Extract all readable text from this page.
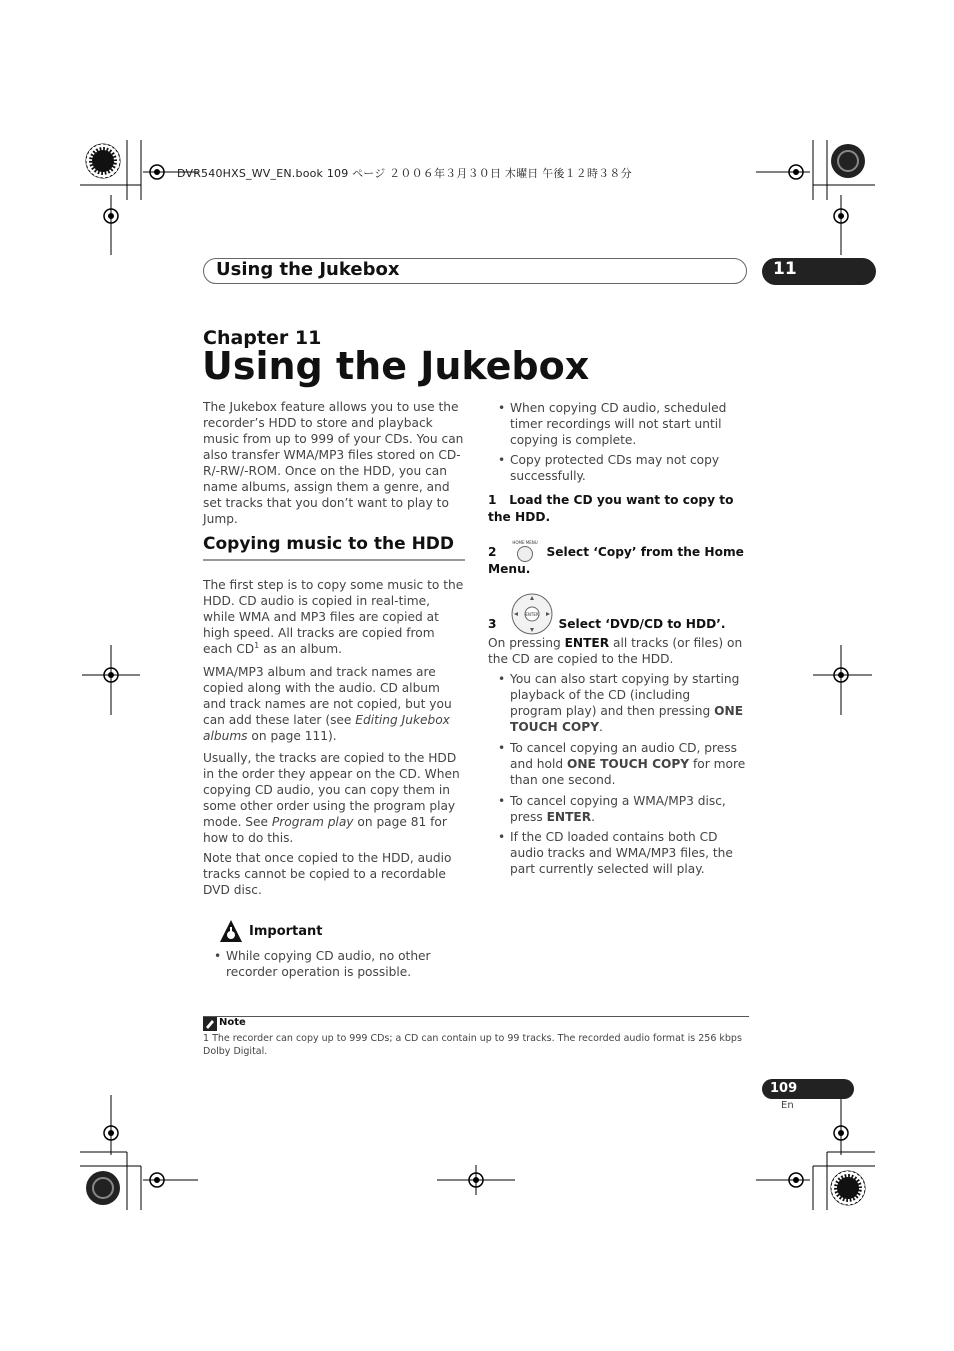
DVR540HXS_WV_EN.book 109 ページ ２００６年３月３０日 木曜日 午後１２時３８分
Using the Jukebox	11
Chapter 11
Using the Jukebox

The Jukebox feature allows you to use the recorder’s HDD to store and playback music from up to 999 of your CDs. You can also transfer WMA/MP3 files stored on CD-R/-RW/-ROM. Once on the HDD, you can name albums, assign them a genre, and set tracks that you don’t want to play to Jump.

Copying music to the HDD

The first step is to copy some music to the HDD. CD audio is copied in real-time, while WMA and MP3 files are copied at high speed. All tracks are copied from each $CD^1$ as an album.

WMA/MP3 album and track names are copied along with the audio. CD album and track names are not copied, but you can add these later (see Editing Jukebox albums on page 111).

Usually, the tracks are copied to the HDD in the order they appear on the CD. When copying CD audio, you can copy them in some other order using the program play mode. See Program play on page 81 for how to do this.

Note that once copied to the HDD, audio tracks cannot be copied to a recordable DVD disc.

Important

• While copying CD audio, no other recorder operation is possible.

• When copying CD audio, scheduled timer recordings will not start until copying is complete.

• Copy protected CDs may not copy successfully.

1 Load the CD you want to copy to the HDD.

HOME MENU

2	Select ‘Copy’ from the Home Menu.

ENTER

3	Select ‘DVD/CD to HDD’.

On pressing ENTER all tracks (or files) on the CD are copied to the HDD.

• You can also start copying by starting playback of the CD (including program play) and then pressing ONE TOUCH COPY.

• To cancel copying an audio CD, press and hold ONE TOUCH COPY for more than one second.

• To cancel copying a WMA/MP3 disc, press ENTER.

• If the CD loaded contains both CD audio tracks and WMA/MP3 files, the part currently selected will play.

Note

1 The recorder can copy up to 999 CDs; a CD can contain up to 99 tracks. The recorded audio format is 256 kbps Dolby Digital.

109
En
